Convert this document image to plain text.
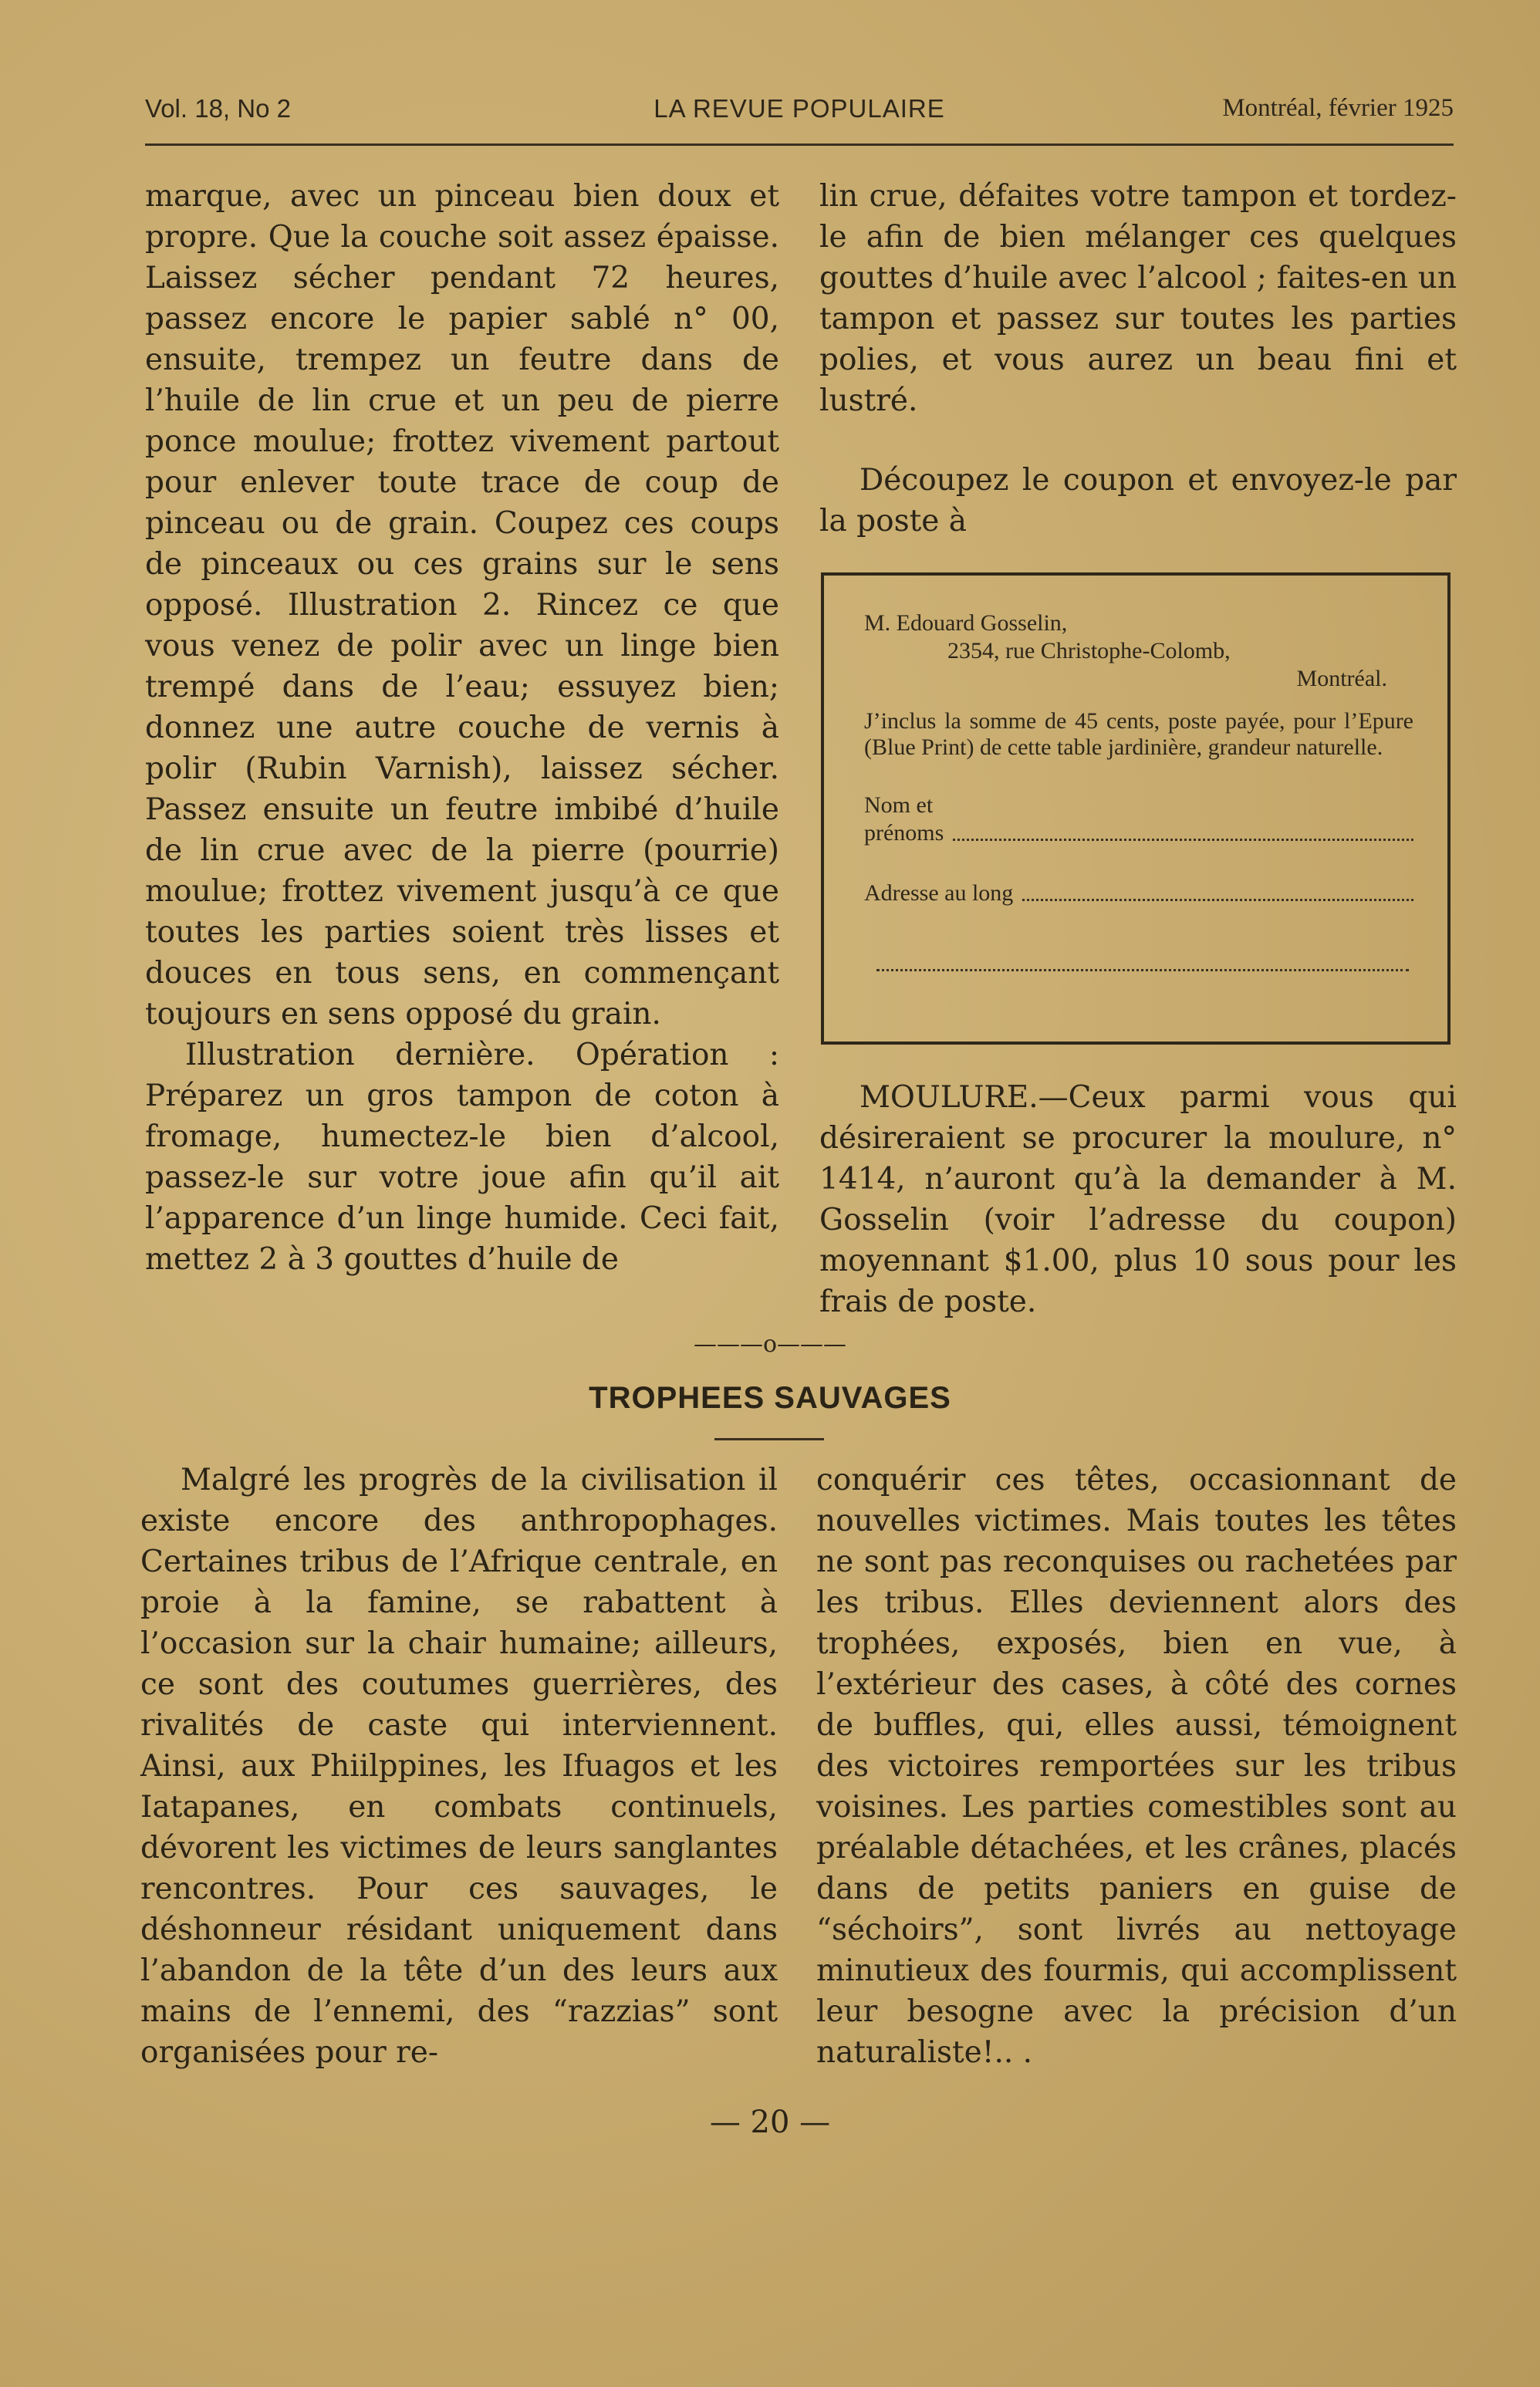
Vol. 18, No 2	LA REVUE POPULAIRE	Montréal, février 1925

marque, avec un pinceau bien doux et propre. Que la couche soit assez épaisse. Laissez sécher pendant 72 heures, passez encore le papier sablé n° 00, ensuite, trempez un feutre dans de l’huile de lin crue et un peu de pierre ponce moulue; frottez vivement partout pour enlever toute trace de coup de pinceau ou de grain. Coupez ces coups de pinceaux ou ces grains sur le sens opposé. Illustration 2. Rincez ce que vous venez de polir avec un linge bien trempé dans de l’eau; essuyez bien; donnez une autre couche de vernis à polir (Rubin Varnish), laissez sécher. Passez ensuite un feutre imbibé d’huile de lin crue avec de la pierre (pourrie) moulue; frottez vivement jusqu’à ce que toutes les parties soient très lisses et douces en tous sens, en commençant toujours en sens opposé du grain.

Illustration dernière. Opération : Préparez un gros tampon de coton à fromage, humectez-le bien d’alcool, passez-le sur votre joue afin qu’il ait l’apparence d’un linge humide. Ceci fait, mettez 2 à 3 gouttes d’huile de

lin crue, défaites votre tampon et tordez-le afin de bien mélanger ces quelques gouttes d’huile avec l’alcool ; faites-en un tampon et passez sur toutes les parties polies, et vous aurez un beau fini et lustré.

Découpez le coupon et envoyez-le par la poste à

M. Edouard Gosselin,

2354, rue Christophe-Colomb,

Montréal.

J’inclus la somme de 45 cents, poste payée, pour l’Epure (Blue Print) de cette table jardinière, grandeur naturelle.

Nom et
prénoms
Adresse au long

MOULURE.—Ceux parmi vous qui désireraient se procurer la moulure, n° 1414, n’auront qu’à la demander à M. Gosselin (voir l’adresse du coupon) moyennant $1.00, plus 10 sous pour les frais de poste.

———o———
TROPHEES SAUVAGES

Malgré les progrès de la civilisation il existe encore des anthropophages. Certaines tribus de l’Afrique centrale, en proie à la famine, se rabattent à l’occasion sur la chair humaine; ailleurs, ce sont des coutumes guerrières, des rivalités de caste qui interviennent. Ainsi, aux Phiilppines, les Ifuagos et les Iatapanes, en combats continuels, dévorent les victimes de leurs sanglantes rencontres. Pour ces sauvages, le déshonneur résidant uniquement dans l’abandon de la tête d’un des leurs aux mains de l’ennemi, des “razzias” sont organisées pour re-

conquérir ces têtes, occasionnant de nouvelles victimes. Mais toutes les têtes ne sont pas reconquises ou rachetées par les tribus. Elles deviennent alors des trophées, exposés, bien en vue, à l’extérieur des cases, à côté des cornes de buffles, qui, elles aussi, témoignent des victoires remportées sur les tribus voisines. Les parties comestibles sont au préalable détachées, et les crânes, placés dans de petits paniers en guise de “séchoirs”, sont livrés au nettoyage minutieux des fourmis, qui accomplissent leur besogne avec la précision d’un naturaliste!.. .

— 20 —
